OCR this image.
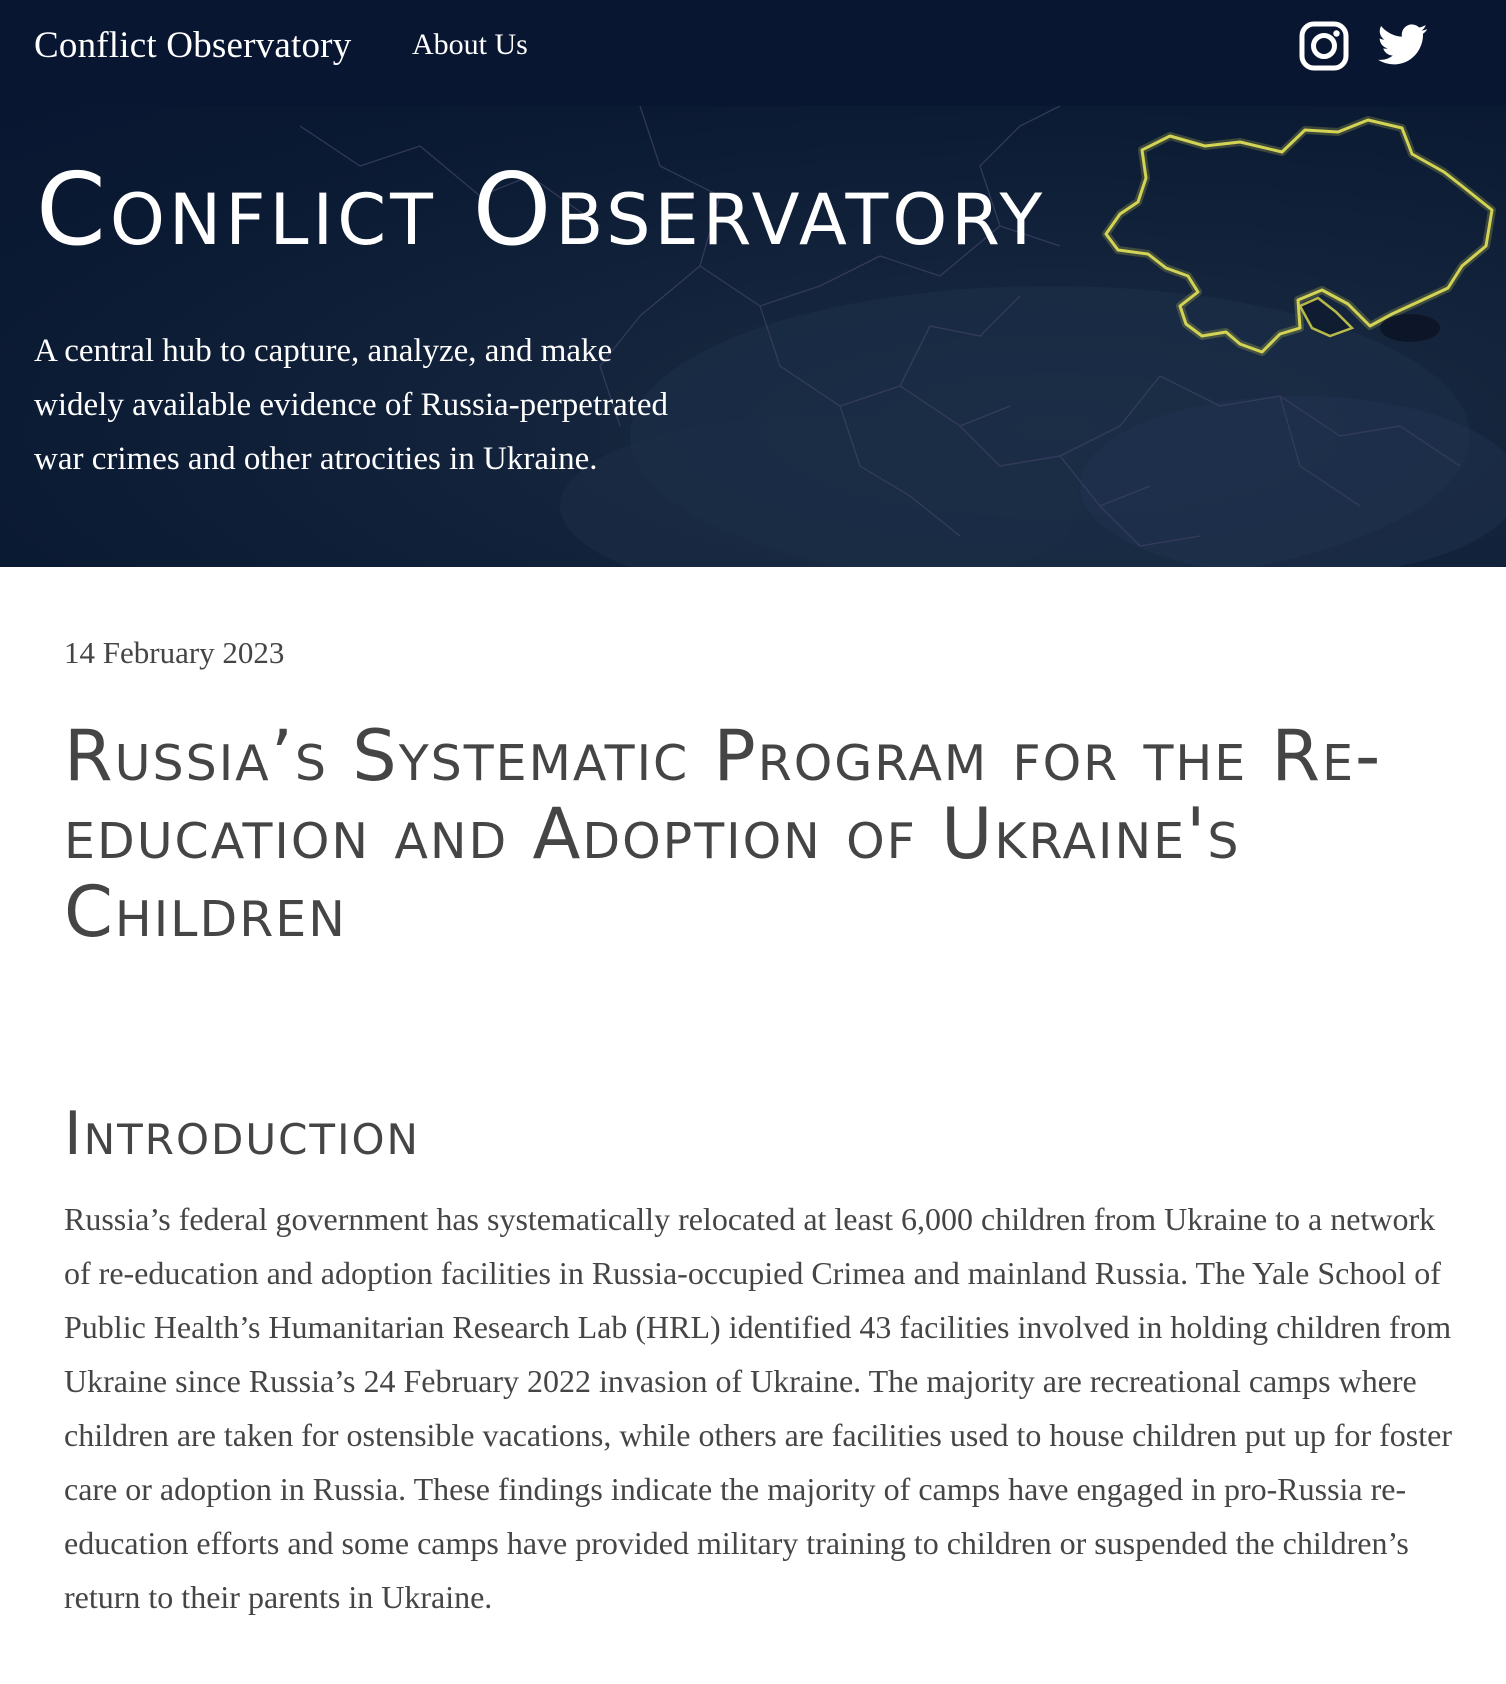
Conflict Observatory About Us
Conflict Observatory

A central hub to capture, analyze, and make widely available evidence of Russia-perpetrated war crimes and other atrocities in Ukraine.

14 February 2023
Russia’s Systematic Program for the Re-education and Adoption of Ukraine's Children
Introduction

Russia’s federal government has systematically relocated at least 6,000 children from Ukraine to a network of re-education and adoption facilities in Russia-occupied Crimea and mainland Russia. The Yale School of Public Health’s Humanitarian Research Lab (HRL) identified 43 facilities involved in holding children from Ukraine since Russia’s 24 February 2022 invasion of Ukraine. The majority are recreational camps where children are taken for ostensible vacations, while others are facilities used to house children put up for foster care or adoption in Russia. These findings indicate the majority of camps have engaged in pro-Russia re-education efforts and some camps have provided military training to children or suspended the children’s return to their parents in Ukraine.
